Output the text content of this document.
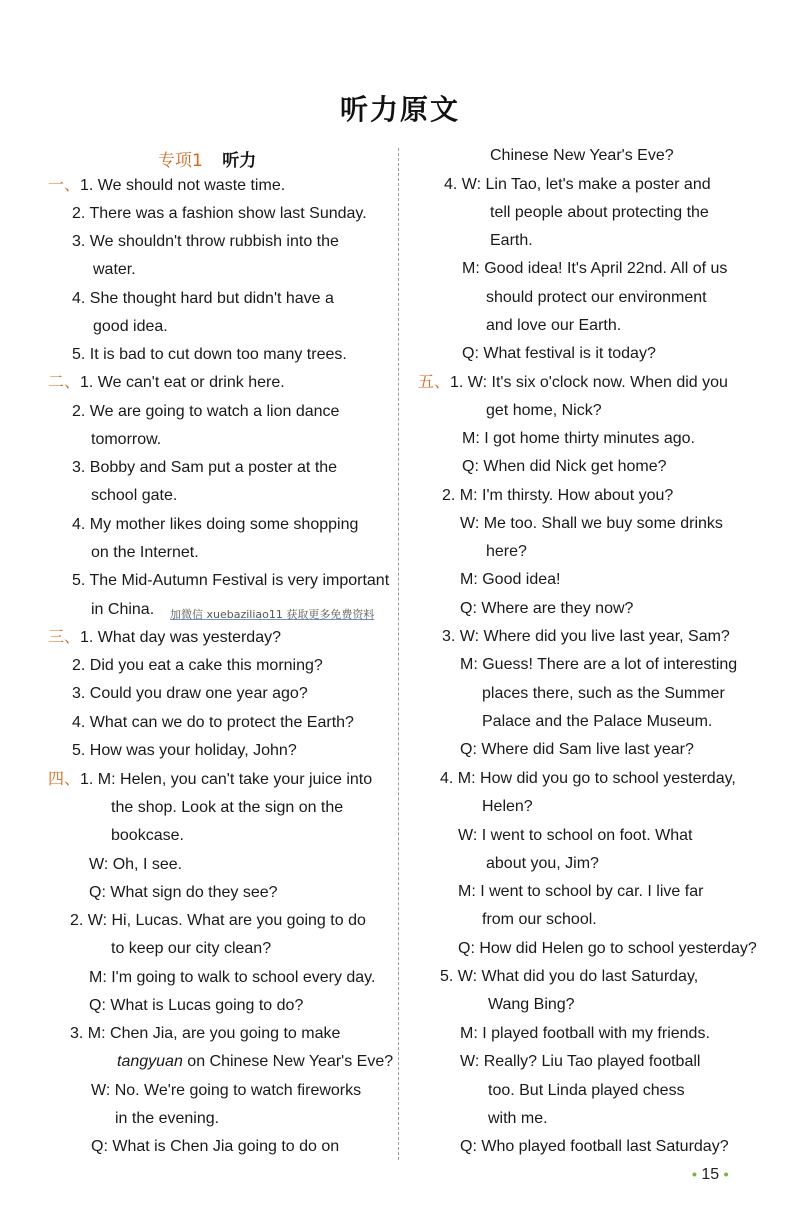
听力原文
专项1 听力
一、1. We should not waste time.
2. There was a fashion show last Sunday.
3. We shouldn't throw rubbish into the
water.
4. She thought hard but didn't have a
good idea.
5. It is bad to cut down too many trees.
二、1. We can't eat or drink here.
2. We are going to watch a lion dance
tomorrow.
3. Bobby and Sam put a poster at the
school gate.
4. My mother likes doing some shopping
on the Internet.
5. The Mid-Autumn Festival is very important
in China.
三、1. What day was yesterday?
2. Did you eat a cake this morning?
3. Could you draw one year ago?
4. What can we do to protect the Earth?
5. How was your holiday, John?
四、1. M: Helen, you can't take your juice into
the shop. Look at the sign on the
bookcase.
W: Oh, I see.
Q: What sign do they see?
2. W: Hi, Lucas. What are you going to do
to keep our city clean?
M: I'm going to walk to school every day.
Q: What is Lucas going to do?
3. M: Chen Jia, are you going to make
tangyuan on Chinese New Year's Eve?
W: No. We're going to watch fireworks
in the evening.
Q: What is Chen Jia going to do on
Chinese New Year's Eve?
4. W: Lin Tao, let's make a poster and
tell people about protecting the
Earth.
M: Good idea! It's April 22nd. All of us
should protect our environment
and love our Earth.
Q: What festival is it today?
五、1. W: It's six o'clock now. When did you
get home, Nick?
M: I got home thirty minutes ago.
Q: When did Nick get home?
2. M: I'm thirsty. How about you?
W: Me too. Shall we buy some drinks
here?
M: Good idea!
Q: Where are they now?
3. W: Where did you live last year, Sam?
M: Guess! There are a lot of interesting
places there, such as the Summer
Palace and the Palace Museum.
Q: Where did Sam live last year?
4. M: How did you go to school yesterday,
Helen?
W: I went to school on foot. What
about you, Jim?
M: I went to school by car. I live far
from our school.
Q: How did Helen go to school yesterday?
5. W: What did you do last Saturday,
Wang Bing?
M: I played football with my friends.
W: Really? Liu Tao played football
too. But Linda played chess
with me.
Q: Who played football last Saturday?
加微信 xuebaziliao11 获取更多免费资料
• 15 •
